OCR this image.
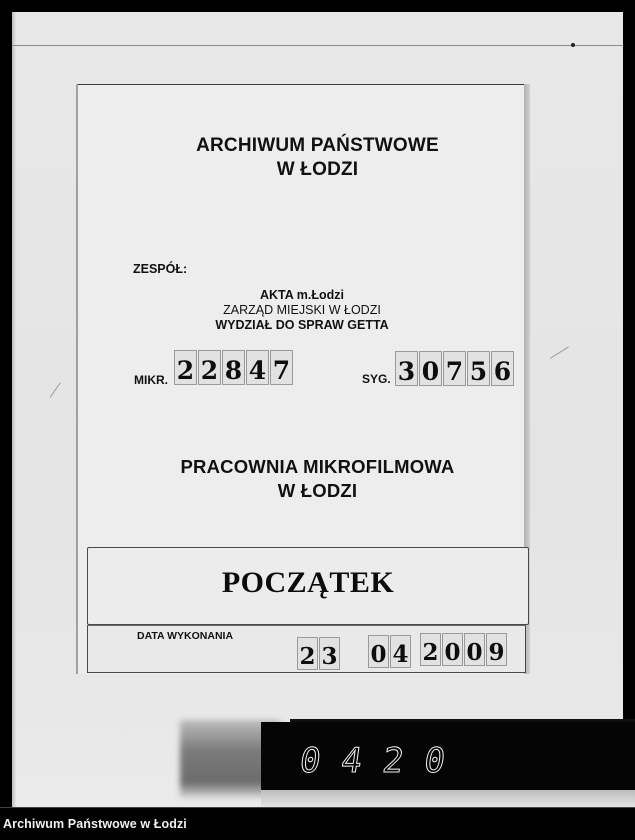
ARCHIWUM PAŃSTWOWE
W ŁODZI
ZESPÓŁ:
AKTA m.Łodzi
ZARZĄD MIEJSKI W ŁODZI
WYDZIAŁ DO SPRAW GETTA
MIKR. 2 2 8 4 7	SYG. 3 0 7 5 6
PRACOWNIA MIKROFILMOWA
W ŁODZI
POCZĄTEK
DATA WYKONANIA
2 3 0 4 2 0 0 9
0420
Archiwum Państwowe w Łodzi
